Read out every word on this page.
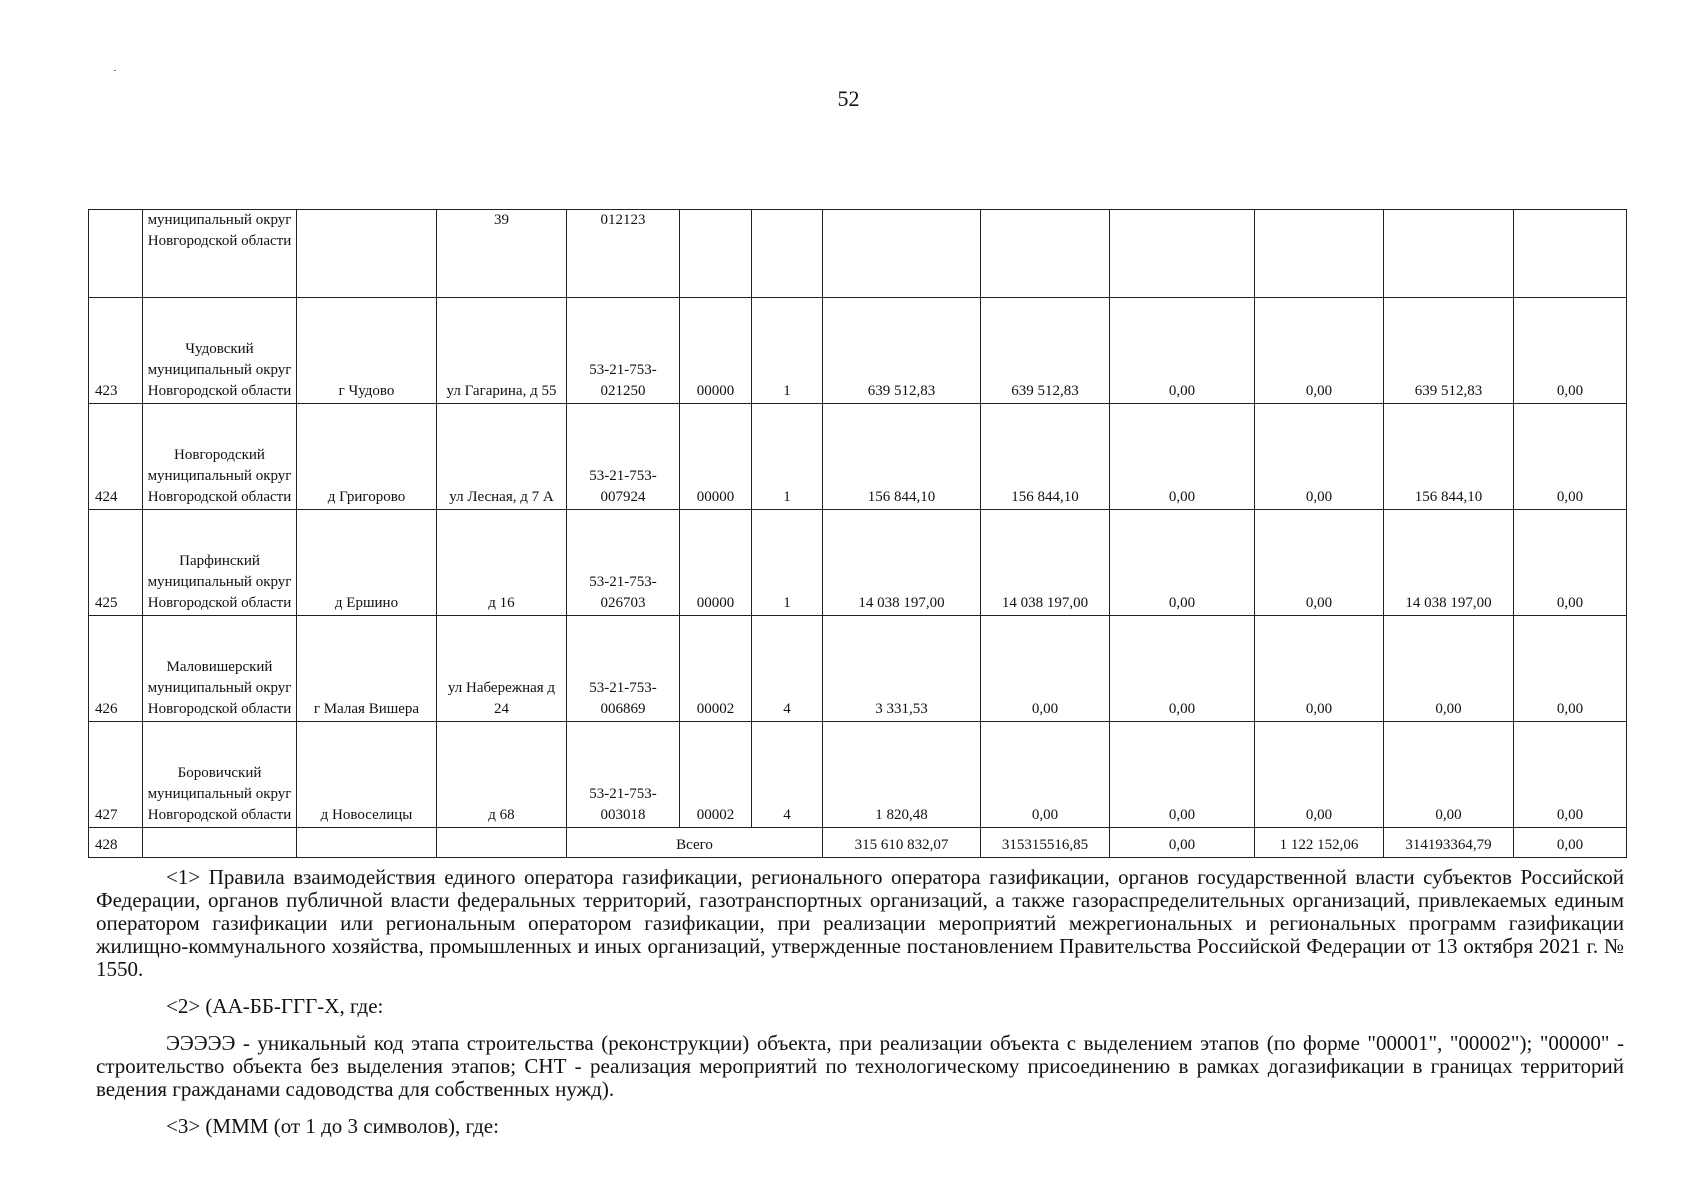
52
	муниципальный округ Новгородской области		39	012123								
423	Чудовский муниципальный округ Новгородской области	г Чудово	ул Гагарина, д 55	53-21-753-021250	00000	1	639 512,83	639 512,83	0,00	0,00	639 512,83	0,00
424	Новгородский муниципальный округ Новгородской области	д Григорово	ул Лесная, д 7 А	53-21-753-007924	00000	1	156 844,10	156 844,10	0,00	0,00	156 844,10	0,00
425	Парфинский муниципальный округ Новгородской области	д Ершино	д 16	53-21-753-026703	00000	1	14 038 197,00	14 038 197,00	0,00	0,00	14 038 197,00	0,00
426	Маловишерский муниципальный округ Новгородской области	г Малая Вишера	ул Набережная д 24	53-21-753-006869	00002	4	3 331,53	0,00	0,00	0,00	0,00	0,00
427	Боровичский муниципальный округ Новгородской области	д Новоселицы	д 68	53-21-753-003018	00002	4	1 820,48	0,00	0,00	0,00	0,00	0,00
428				Всего			315 610 832,07	315315516,85	0,00	1 122 152,06	314193364,79	0,00

<1> Правила взаимодействия единого оператора газификации, регионального оператора газификации, органов государственной власти субъектов Российской Федерации, органов публичной власти федеральных территорий, газотранспортных организаций, а также газораспределительных организаций, привлекаемых единым оператором газификации или региональным оператором газификации, при реализации мероприятий межрегиональных и региональных программ газификации жилищно-коммунального хозяйства, промышленных и иных организаций, утвержденные постановлением Правительства Российской Федерации от 13 октября 2021 г. № 1550.

<2> (АА-ББ-ГГГ-Х, где:

ЭЭЭЭЭ - уникальный код этапа строительства (реконструкции) объекта, при реализации объекта с выделением этапов (по форме "00001", "00002"); "00000" - строительство объекта без выделения этапов; СНТ - реализация мероприятий по технологическому присоединению в рамках догазификации в границах территорий ведения гражданами садоводства для собственных нужд).

<3> (МММ (от 1 до 3 символов), где:
